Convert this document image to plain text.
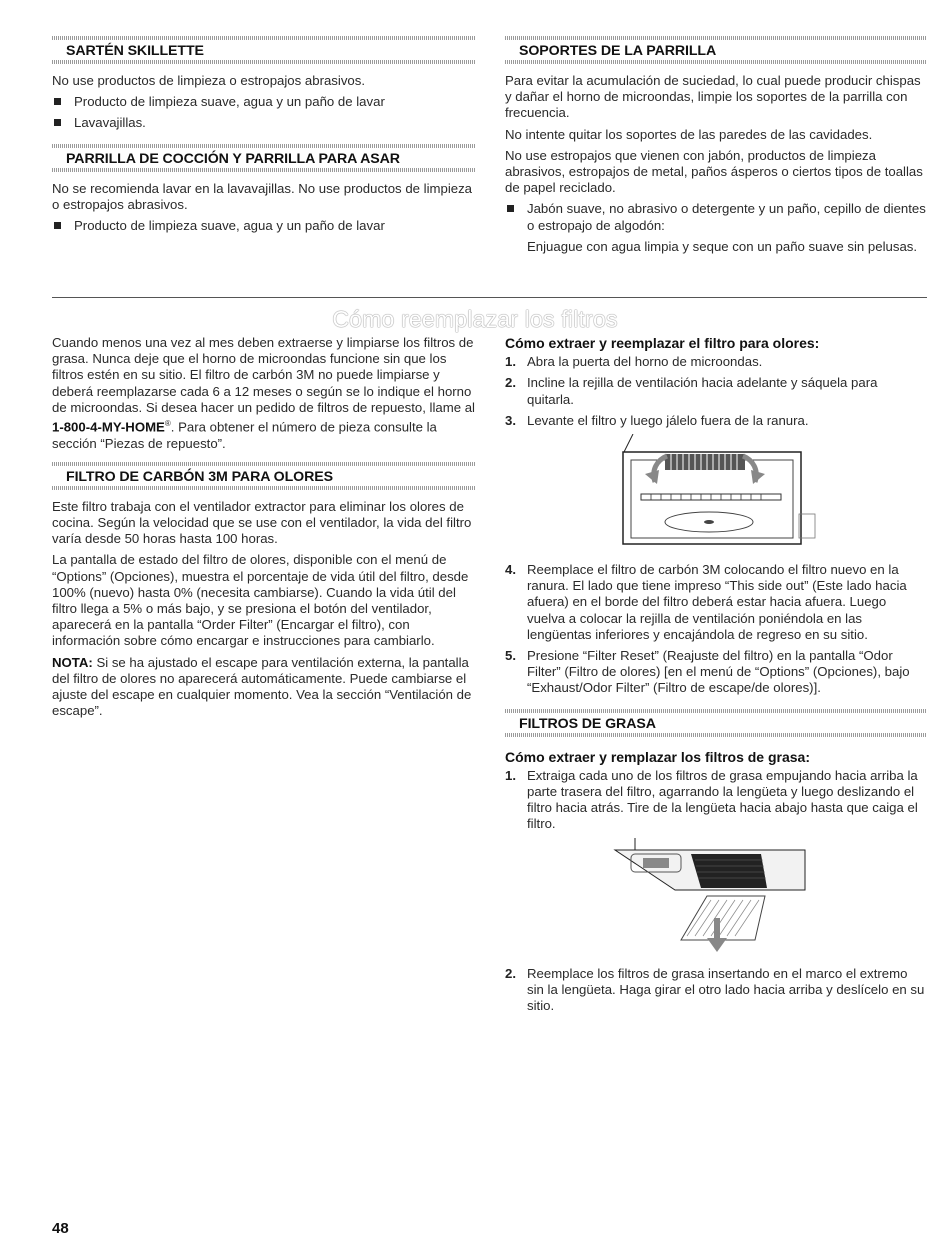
SARTÉN SKILLETTE

No use productos de limpieza o estropajos abrasivos.

Producto de limpieza suave, agua y un paño de lavar
Lavavajillas.
PARRILLA DE COCCIÓN Y PARRILLA PARA ASAR

No se recomienda lavar en la lavavajillas. No use productos de limpieza o estropajos abrasivos.

Producto de limpieza suave, agua y un paño de lavar
SOPORTES DE LA PARRILLA

Para evitar la acumulación de suciedad, lo cual puede producir chispas y dañar el horno de microondas, limpie los soportes de la parrilla con frecuencia.

No intente quitar los soportes de las paredes de las cavidades.

No use estropajos que vienen con jabón, productos de limpieza abrasivos, estropajos de metal, paños ásperos o ciertos tipos de toallas de papel reciclado.

Jabón suave, no abrasivo o detergente y un paño, cepillo de dientes o estropajo de algodón:

Enjuague con agua limpia y seque con un paño suave sin pelusas.

Cómo reemplazar los filtros

Cuando menos una vez al mes deben extraerse y limpiarse los filtros de grasa. Nunca deje que el horno de microondas funcione sin que los filtros estén en su sitio. El filtro de carbón 3M no puede limpiarse y deberá reemplazarse cada 6 a 12 meses o según se lo indique el horno de microondas. Si desea hacer un pedido de filtros de repuesto, llame al 1-800-4-MY-HOME®. Para obtener el número de pieza consulte la sección “Piezas de repuesto”.

FILTRO DE CARBÓN 3M PARA OLORES

Este filtro trabaja con el ventilador extractor para eliminar los olores de cocina. Según la velocidad que se use con el ventilador, la vida del filtro varía desde 50 horas hasta 100 horas.

La pantalla de estado del filtro de olores, disponible con el menú de “Options” (Opciones), muestra el porcentaje de vida útil del filtro, desde 100% (nuevo) hasta 0% (necesita cambiarse). Cuando la vida útil del filtro llega a 5% o más bajo, y se presiona el botón del ventilador, aparecerá en la pantalla “Order Filter” (Encargar el filtro), con información sobre cómo encargar e instrucciones para cambiarlo.

NOTA: Si se ha ajustado el escape para ventilación externa, la pantalla del filtro de olores no aparecerá automáticamente. Puede cambiarse el ajuste del escape en cualquier momento. Vea la sección “Ventilación de escape”.

Cómo extraer y reemplazar el filtro para olores:
1. Abra la puerta del horno de microondas.
2. Incline la rejilla de ventilación hacia adelante y sáquela para quitarla.
3. Levante el filtro y luego jálelo fuera de la ranura.
4. Reemplace el filtro de carbón 3M colocando el filtro nuevo en la ranura. El lado que tiene impreso “This side out” (Este lado hacia afuera) en el borde del filtro deberá estar hacia afuera. Luego vuelva a colocar la rejilla de ventilación poniéndola en las lengüentas inferiores y encajándola de regreso en su sitio.
5. Presione “Filter Reset” (Reajuste del filtro) en la pantalla “Odor Filter” (Filtro de olores) [en el menú de “Options” (Opciones), bajo “Exhaust/Odor Filter” (Filtro de escape/de olores)].
FILTROS DE GRASA
Cómo extraer y remplazar los filtros de grasa:
1. Extraiga cada uno de los filtros de grasa empujando hacia arriba la parte trasera del filtro, agarrando la lengüeta y luego deslizando el filtro hacia atrás. Tire de la lengüeta hacia abajo hasta que caiga el filtro.
2. Reemplace los filtros de grasa insertando en el marco el extremo sin la lengüeta. Haga girar el otro lado hacia arriba y deslícelo en su sitio.
48
